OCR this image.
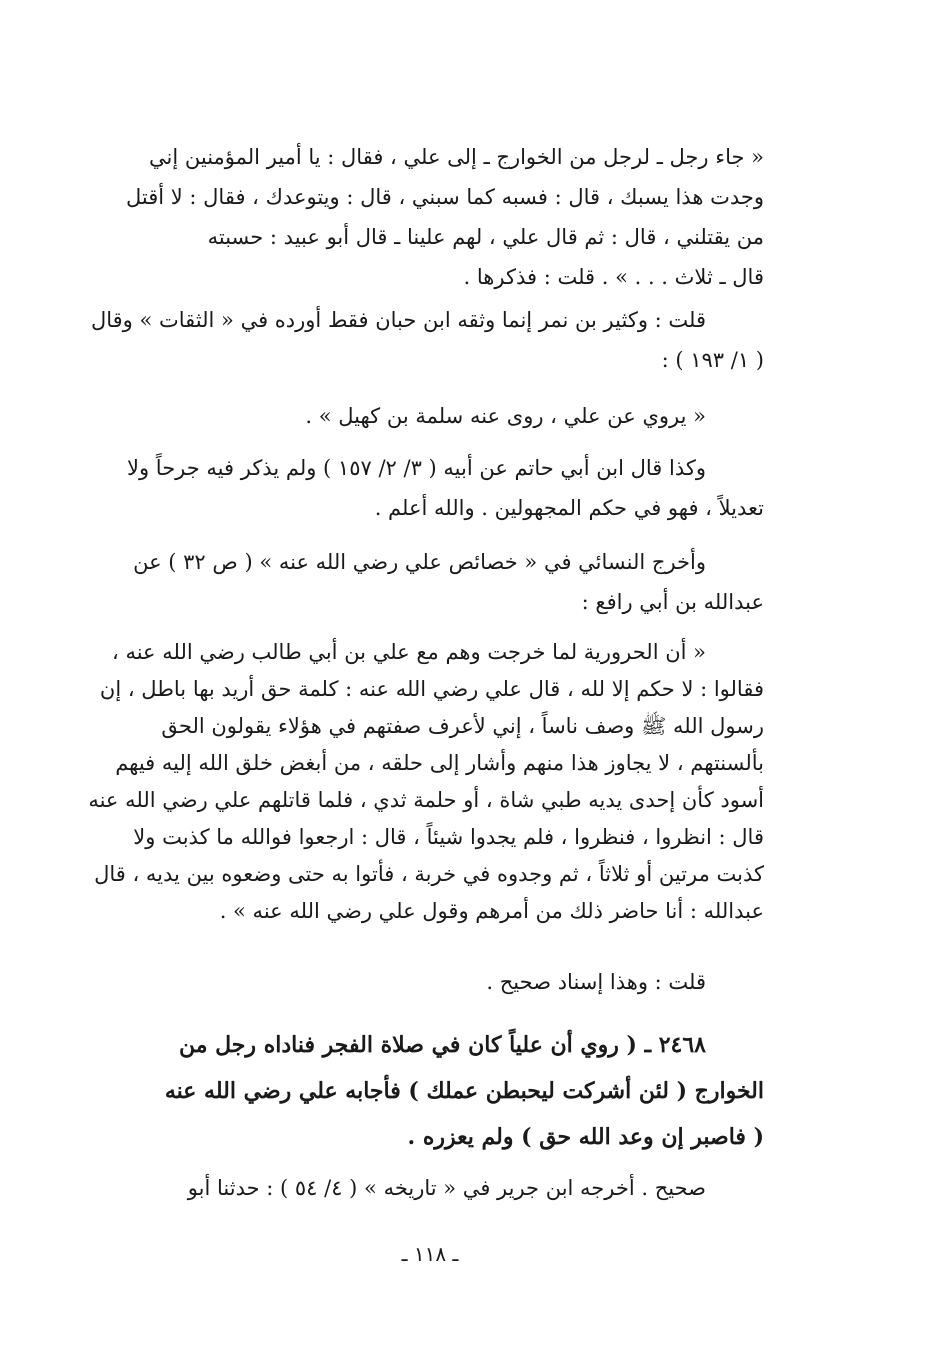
« جاء رجل ـ لرجل من الخوارج ـ إلى علي ، فقال : يا أمير المؤمنين إني
وجدت هذا يسبك ، قال : فسبه كما سبني ، قال : ويتوعدك ، فقال : لا أقتل
من يقتلني ، قال : ثم قال علي ، لهم علينا ـ قال أبو عبيد : حسبته
قال ـ ثلاث . . . » . قلت : فذكرها .
قلت : وكثير بن نمر إنما وثقه ابن حبان فقط أورده في « الثقات » وقال
( ١/ ١٩٣ ) :
« يروي عن علي ، روى عنه سلمة بن كهيل » .
وكذا قال ابن أبي حاتم عن أبيه ( ٣/ ٢/ ١٥٧ ) ولم يذكر فيه جرحاً ولا
تعديلاً ، فهو في حكم المجهولين . والله أعلم .
وأخرج النسائي في « خصائص علي رضي الله عنه » ( ص ٣٢ ) عن
عبدالله بن أبي رافع :
« أن الحرورية لما خرجت وهم مع علي بن أبي طالب رضي الله عنه ،
فقالوا : لا حكم إلا لله ، قال علي رضي الله عنه : كلمة حق أريد بها باطل ، إن
رسول الله ﷺ وصف ناساً ، إني لأعرف صفتهم في هؤلاء يقولون الحق
بألسنتهم ، لا يجاوز هذا منهم وأشار إلى حلقه ، من أبغض خلق الله إليه فيهم
أسود كأن إحدى يديه طبي شاة ، أو حلمة ثدي ، فلما قاتلهم علي رضي الله عنه
قال : انظروا ، فنظروا ، فلم يجدوا شيئاً ، قال : ارجعوا فوالله ما كذبت ولا
كذبت مرتين أو ثلاثاً ، ثم وجدوه في خربة ، فأتوا به حتى وضعوه بين يديه ، قال
عبدالله : أنا حاضر ذلك من أمرهم وقول علي رضي الله عنه » .
قلت : وهذا إسناد صحيح .
٢٤٦٨ ـ ( روي أن علياً كان في صلاة الفجر فناداه رجل من
الخوارج ( لئن أشركت ليحبطن عملك ) فأجابه علي رضي الله عنه
( فاصبر إن وعد الله حق ) ولم يعزره .
صحيح . أخرجه ابن جرير في « تاريخه » ( ٤/ ٥٤ ) : حدثنا أبو
ـ ١١٨ ـ
